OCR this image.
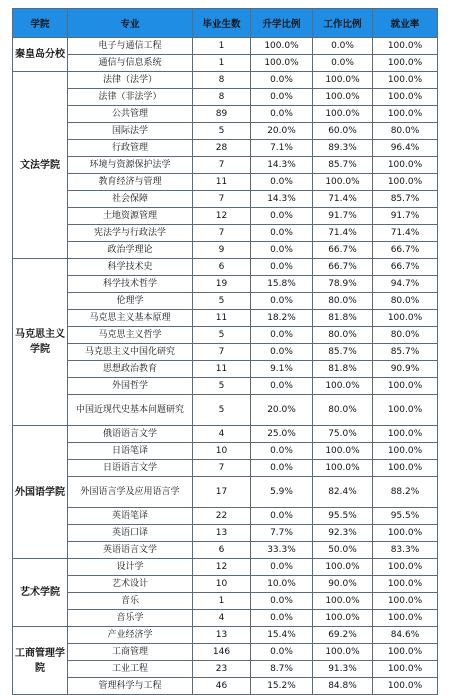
学院	专业	毕业生数	升学比例	工作比例	就业率
秦皇岛分校	电子与通信工程	1	100.0%	0.0%	100.0%
	通信与信息系统	1	100.0%	0.0%	100.0%
文法学院	法律（法学）	8	0.0%	100.0%	100.0%
	法律（非法学）	8	0.0%	100.0%	100.0%
	公共管理	89	0.0%	100.0%	100.0%
	国际法学	5	20.0%	60.0%	80.0%
	行政管理	28	7.1%	89.3%	96.4%
	环境与资源保护法学	7	14.3%	85.7%	100.0%
	教育经济与管理	11	0.0%	100.0%	100.0%
	社会保障	7	14.3%	71.4%	85.7%
	土地资源管理	12	0.0%	91.7%	91.7%
	宪法学与行政法学	7	0.0%	71.4%	71.4%
	政治学理论	9	0.0%	66.7%	66.7%
马克思主义学院	科学技术史	6	0.0%	66.7%	66.7%
	科学技术哲学	19	15.8%	78.9%	94.7%
	伦理学	5	0.0%	80.0%	80.0%
	马克思主义基本原理	11	18.2%	81.8%	100.0%
	马克思主义哲学	5	0.0%	80.0%	80.0%
	马克思主义中国化研究	7	0.0%	85.7%	85.7%
	思想政治教育	11	9.1%	81.8%	90.9%
	外国哲学	5	0.0%	100.0%	100.0%
	中国近现代史基本问题研究	5	20.0%	80.0%	100.0%
外国语学院	俄语语言文学	4	25.0%	75.0%	100.0%
	日语笔译	10	0.0%	100.0%	100.0%
	日语语言文学	7	0.0%	100.0%	100.0%
	外国语言学及应用语言学	17	5.9%	82.4%	88.2%
	英语笔译	22	0.0%	95.5%	95.5%
	英语口译	13	7.7%	92.3%	100.0%
	英语语言文学	6	33.3%	50.0%	83.3%
艺术学院	设计学	12	0.0%	100.0%	100.0%
	艺术设计	10	10.0%	90.0%	100.0%
	音乐	1	0.0%	100.0%	100.0%
	音乐学	4	0.0%	100.0%	100.0%
工商管理学院	产业经济学	13	15.4%	69.2%	84.6%
	工商管理	146	0.0%	100.0%	100.0%
	工业工程	23	8.7%	91.3%	100.0%
	管理科学与工程	46	15.2%	84.8%	100.0%
